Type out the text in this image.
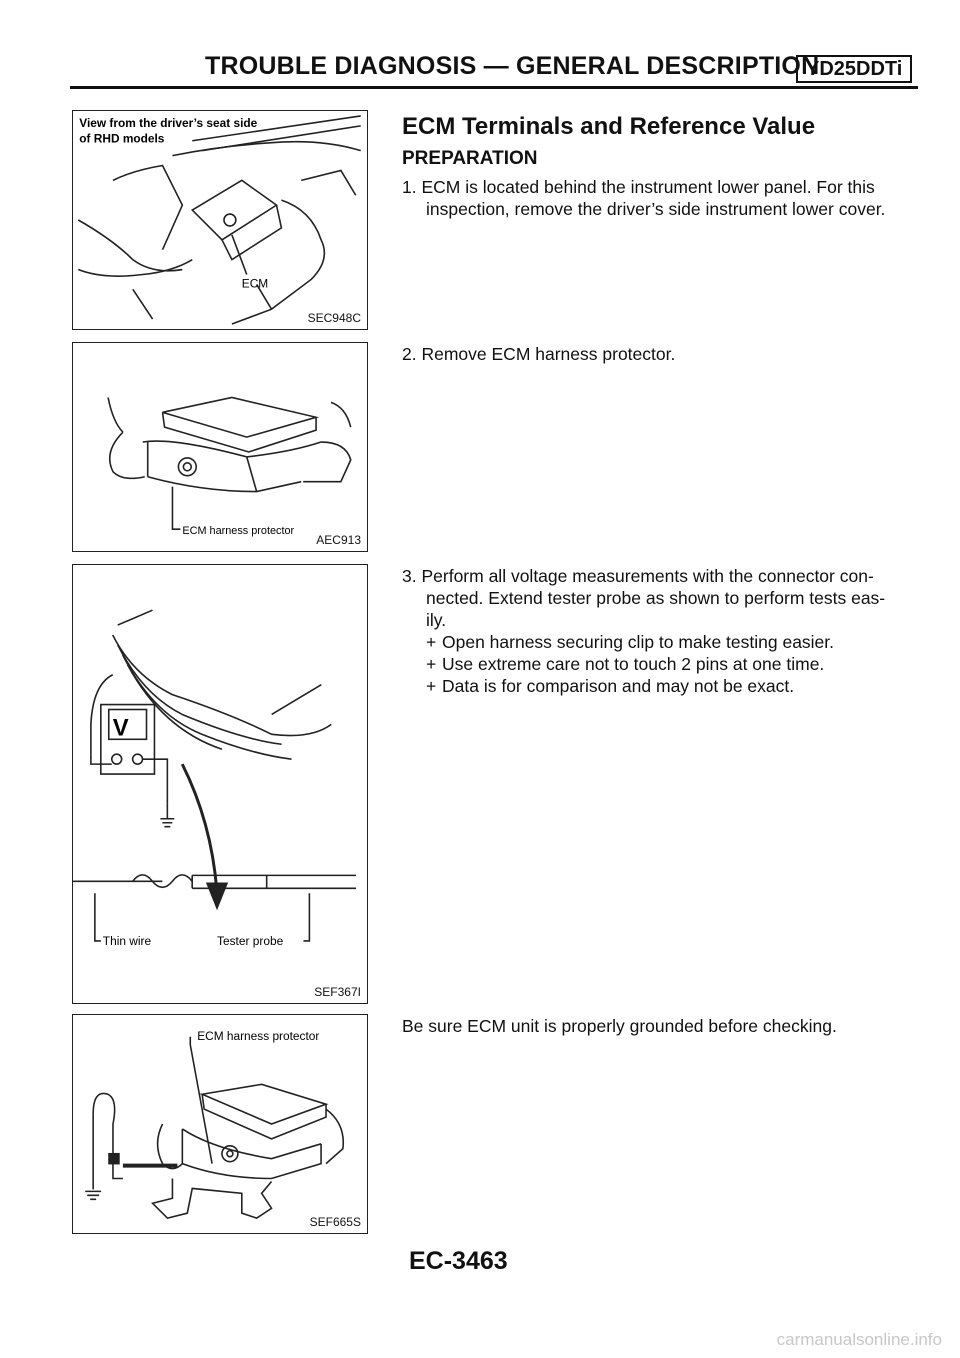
TROUBLE DIAGNOSIS — GENERAL DESCRIPTION
YD25DDTi
View from the driver’s seat side
of RHD models
ECM
SEC948C
ECM harness protector
AEC913
V
Thin wire	Tester probe
SEF367I
ECM harness protector
SEF665S
ECM Terminals and Reference Value
PREPARATION
1. ECM is located behind the instrument lower panel. For this
inspection, remove the driver’s side instrument lower cover.
2. Remove ECM harness protector.
3. Perform all voltage measurements with the connector con-
nected. Extend tester probe as shown to perform tests eas-
ily.
+ Open harness securing clip to make testing easier.
+ Use extreme care not to touch 2 pins at one time.
+ Data is for comparison and may not be exact.
Be sure ECM unit is properly grounded before checking.
EC-3463
carmanualsonline.info
